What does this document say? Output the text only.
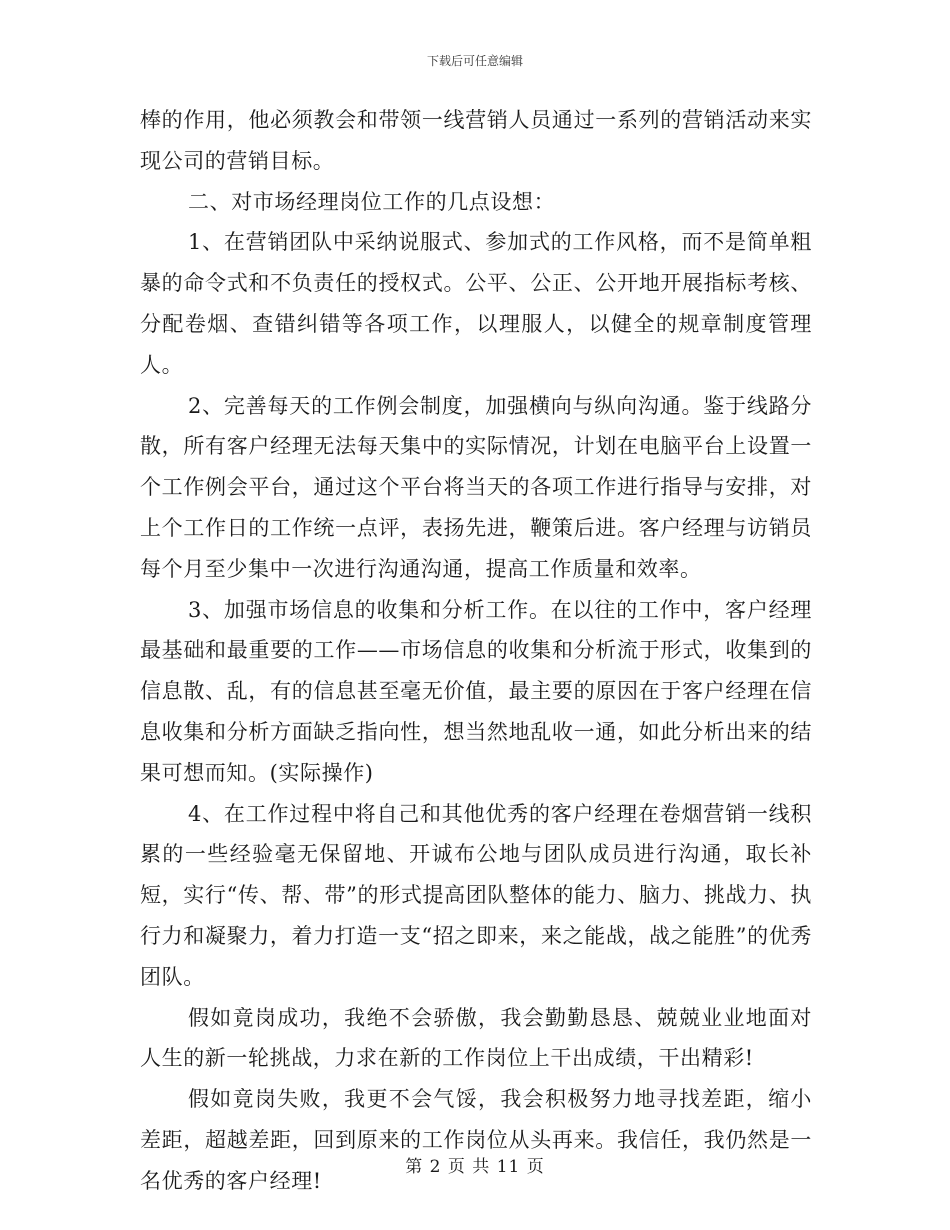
下载后可任意编辑

棒的作用，他必须教会和带领一线营销人员通过一系列的营销活动来实现公司的营销目标。

二、对市场经理岗位工作的几点设想：

1、在营销团队中采纳说服式、参加式的工作风格，而不是简单粗暴的命令式和不负责任的授权式。公平、公正、公开地开展指标考核、分配卷烟、查错纠错等各项工作，以理服人，以健全的规章制度管理人。

2、完善每天的工作例会制度，加强横向与纵向沟通。鉴于线路分散，所有客户经理无法每天集中的实际情况，计划在电脑平台上设置一个工作例会平台，通过这个平台将当天的各项工作进行指导与安排，对上个工作日的工作统一点评，表扬先进，鞭策后进。客户经理与访销员每个月至少集中一次进行沟通沟通，提高工作质量和效率。

3、加强市场信息的收集和分析工作。在以往的工作中，客户经理最基础和最重要的工作——市场信息的收集和分析流于形式，收集到的信息散、乱，有的信息甚至毫无价值，最主要的原因在于客户经理在信息收集和分析方面缺乏指向性，想当然地乱收一通，如此分析出来的结果可想而知。(实际操作)

4、在工作过程中将自己和其他优秀的客户经理在卷烟营销一线积累的一些经验毫无保留地、开诚布公地与团队成员进行沟通，取长补短，实行“传、帮、带”的形式提高团队整体的能力、脑力、挑战力、执行力和凝聚力，着力打造一支“招之即来，来之能战，战之能胜”的优秀团队。

假如竟岗成功，我绝不会骄傲，我会勤勤恳恳、兢兢业业地面对人生的新一轮挑战，力求在新的工作岗位上干出成绩，干出精彩!

假如竟岗失败，我更不会气馁，我会积极努力地寻找差距，缩小差距，超越差距，回到原来的工作岗位从头再来。我信任，我仍然是一名优秀的客户经理!

第 2 页 共 11 页
